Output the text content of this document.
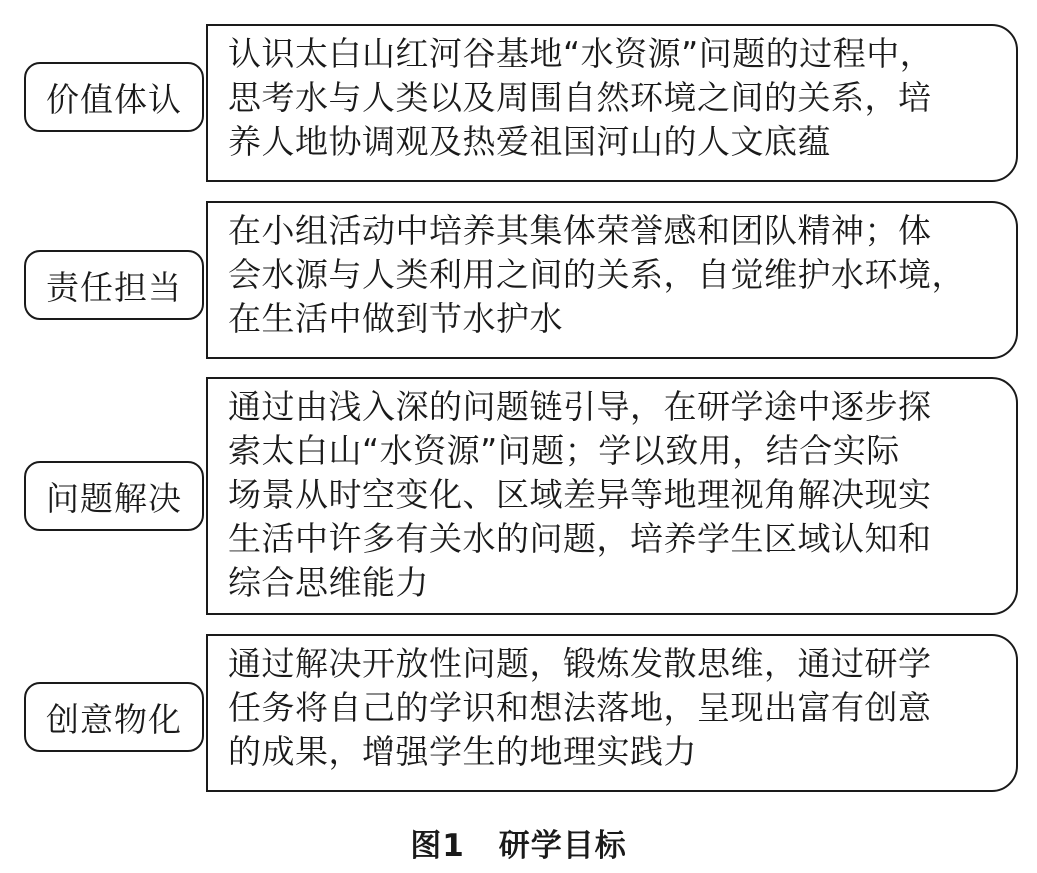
价值体认
认识太白山红河谷基地“水资源”问题的过程中，
思考水与人类以及周围自然环境之间的关系，培
养人地协调观及热爱祖国河山的人文底蕴
责任担当
在小组活动中培养其集体荣誉感和团队精神；体
会水源与人类利用之间的关系，自觉维护水环境，
在生活中做到节水护水
问题解决
通过由浅入深的问题链引导，在研学途中逐步探
索太白山“水资源”问题；学以致用，结合实际
场景从时空变化、区域差异等地理视角解决现实
生活中许多有关水的问题，培养学生区域认知和
综合思维能力
创意物化
通过解决开放性问题，锻炼发散思维，通过研学
任务将自己的学识和想法落地，呈现出富有创意
的成果，增强学生的地理实践力
图1 研学目标
